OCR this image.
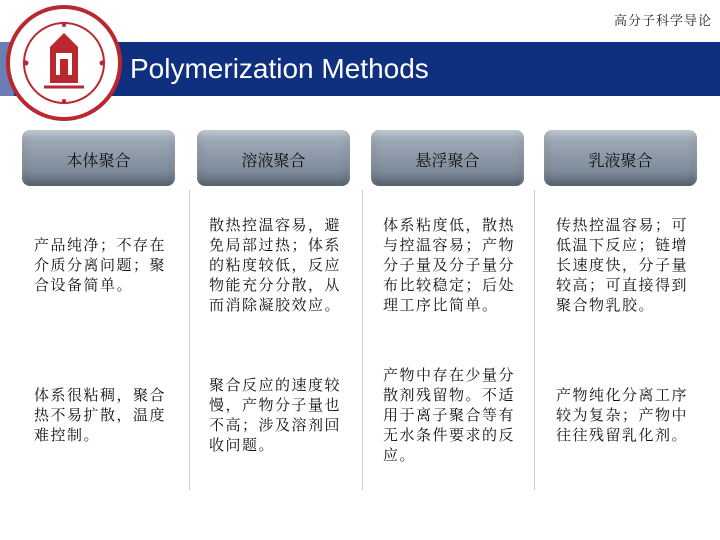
高分子科学导论
Polymerization Methods
本体聚合
产品纯净；不存在介质分离问题；聚合设备简单。
体系很粘稠，聚合热不易扩散，温度难控制。
溶液聚合
散热控温容易，避免局部过热；体系的粘度较低，反应物能充分分散，从而消除凝胶效应。
聚合反应的速度较慢，产物分子量也不高；涉及溶剂回收问题。
悬浮聚合
体系粘度低，散热与控温容易；产物分子量及分子量分布比较稳定；后处理工序比简单。
产物中存在少量分散剂残留物。不适用于离子聚合等有无水条件要求的反应。
乳液聚合
传热控温容易；可低温下反应；链增长速度快，分子量较高；可直接得到聚合物乳胶。
产物纯化分离工序较为复杂；产物中往往残留乳化剂。
